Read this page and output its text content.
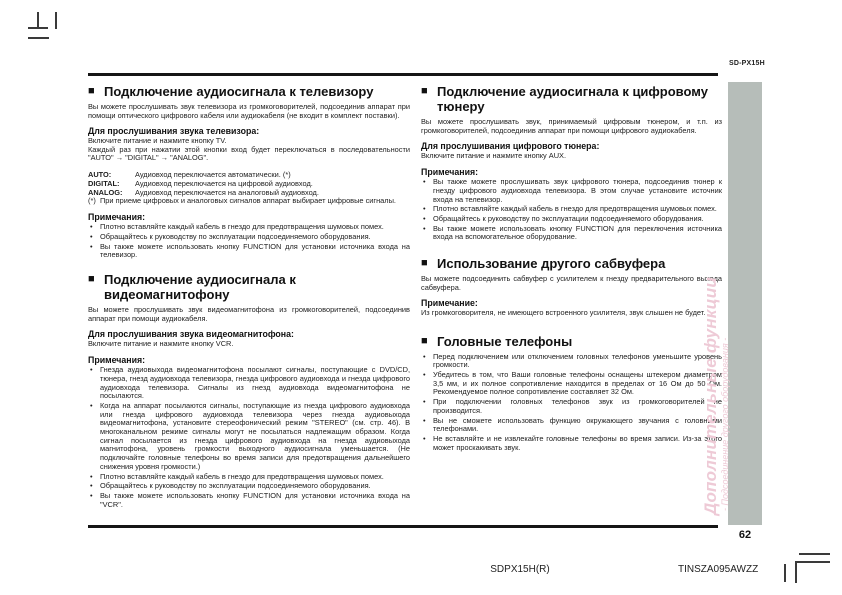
SD-PX15H
■ Подключение аудиосигнала к телевизору

Вы можете прослушивать звук телевизора из громкоговорителей, подсоединив аппарат при помощи оптического цифрового кабеля или аудиокабеля (не входит в комплект поставки).

Для прослушивания звука телевизора:

Включите питание и нажмите кнопку TV.

Каждый раз при нажатии этой кнопки вход будет переключаться в последовательности "AUTO" → "DIGITAL" → "ANALOG".

AUTO:	Аудиовход переключается автоматически. (*)
DIGITAL:	Аудиовход переключается на цифровой аудиовход.
ANALOG:	Аудиовход переключается на аналоговый аудиовход.
(*) При приеме цифровых и аналоговых сигналов аппарат выбирает цифровые сигналы.
Примечания:
•	Плотно вставляйте каждый кабель в гнездо для предотвращения шумовых помех.
•	Обращайтесь к руководству по эксплуатации подсоединяемого оборудования.
•	Вы также можете использовать кнопку FUNCTION для установки источника входа на телевизор.
■ Подключение аудиосигнала к видеомагнитофону

Вы можете прослушивать звук видеомагнитофона из громкоговорителей, подсоединив аппарат при помощи аудиокабеля.

Для прослушивания звука видеомагнитофона:

Включите питание и нажмите кнопку VCR.

Примечания:
•	Гнезда аудиовыхода видеомагнитофона посылают сигналы, поступающие с DVD/CD, тюнера, гнезд аудиовхода телевизора, гнезда цифрового аудиовхода и гнезда цифрового аудиовхода телевизора. Сигналы из гнезд аудиовхода видеомагнитофона не посылаются.
•	Когда на аппарат посылаются сигналы, поступающие из гнезда цифрового аудиовхода или гнезда цифрового аудиовхода телевизора через гнезда аудиовыхода видеомагнитофона, установите стереофонический режим "STEREO" (см. стр. 46). В многоканальном режиме сигналы могут не посылаться надлежащим образом. Когда сигнал посылается из гнезда цифрового аудиовхода на гнезда аудиовыхода магнитофона, уровень громкости выходного аудиосигнала уменьшается. (Не подключайте головные телефоны во время записи для предотвращения дальнейшего снижения уровня громкости.)
•	Плотно вставляйте каждый кабель в гнездо для предотвращения шумовых помех.
•	Обращайтесь к руководству по эксплуатации подсоединяемого оборудования.
•	Вы также можете использовать кнопку FUNCTION для установки источника входа на "VCR".
■ Подключение аудиосигнала к цифровому тюнеру

Вы можете прослушивать звук, принимаемый цифровым тюнером, и т.п. из громкоговорителей, подсоединив аппарат при помощи цифрового аудиокабеля.

Для прослушивания цифрового тюнера:

Включите питание и нажмите кнопку AUX.

Примечания:
•	Вы также можете прослушивать звук цифрового тюнера, подсоединив тюнер к гнезду цифрового аудиовхода телевизора. В этом случае установите источник входа на телевизор.
•	Плотно вставляйте каждый кабель в гнездо для предотвращения шумовых помех.
•	Обращайтесь к руководству по эксплуатации подсоединяемого оборудования.
•	Вы также можете использовать кнопку FUNCTION для переключения источника входа на вспомогательное оборудование.
■ Использование другого сабвуфера

Вы можете подсоединить сабвуфер с усилителем к гнезду предварительного выхода сабвуфера.

Примечание:

Из громкоговорителя, не имеющего встроенного усилителя, звук слышен не будет.

■ Головные телефоны
•	Перед подключением или отключением головных телефонов уменьшите уровень громкости.
•	Убедитесь в том, что Ваши головные телефоны оснащены штекером диаметром 3,5 мм, и их полное сопротивление находится в пределах от 16 Ом до 50 Ом. Рекомендуемое полное сопротивление составляет 32 Ом.
•	При подключении головных телефонов звук из громкоговорителей не производится.
•	Вы не сможете использовать функцию окружающего звучания с головными телефонами.
•	Не вставляйте и не извлекайте головные телефоны во время записи. Из-за этого может проскакивать звук.	Дополнительные функции - Подсоединение другого оборудования -
62
SDPX15H(R)	TINSZA095AWZZ
